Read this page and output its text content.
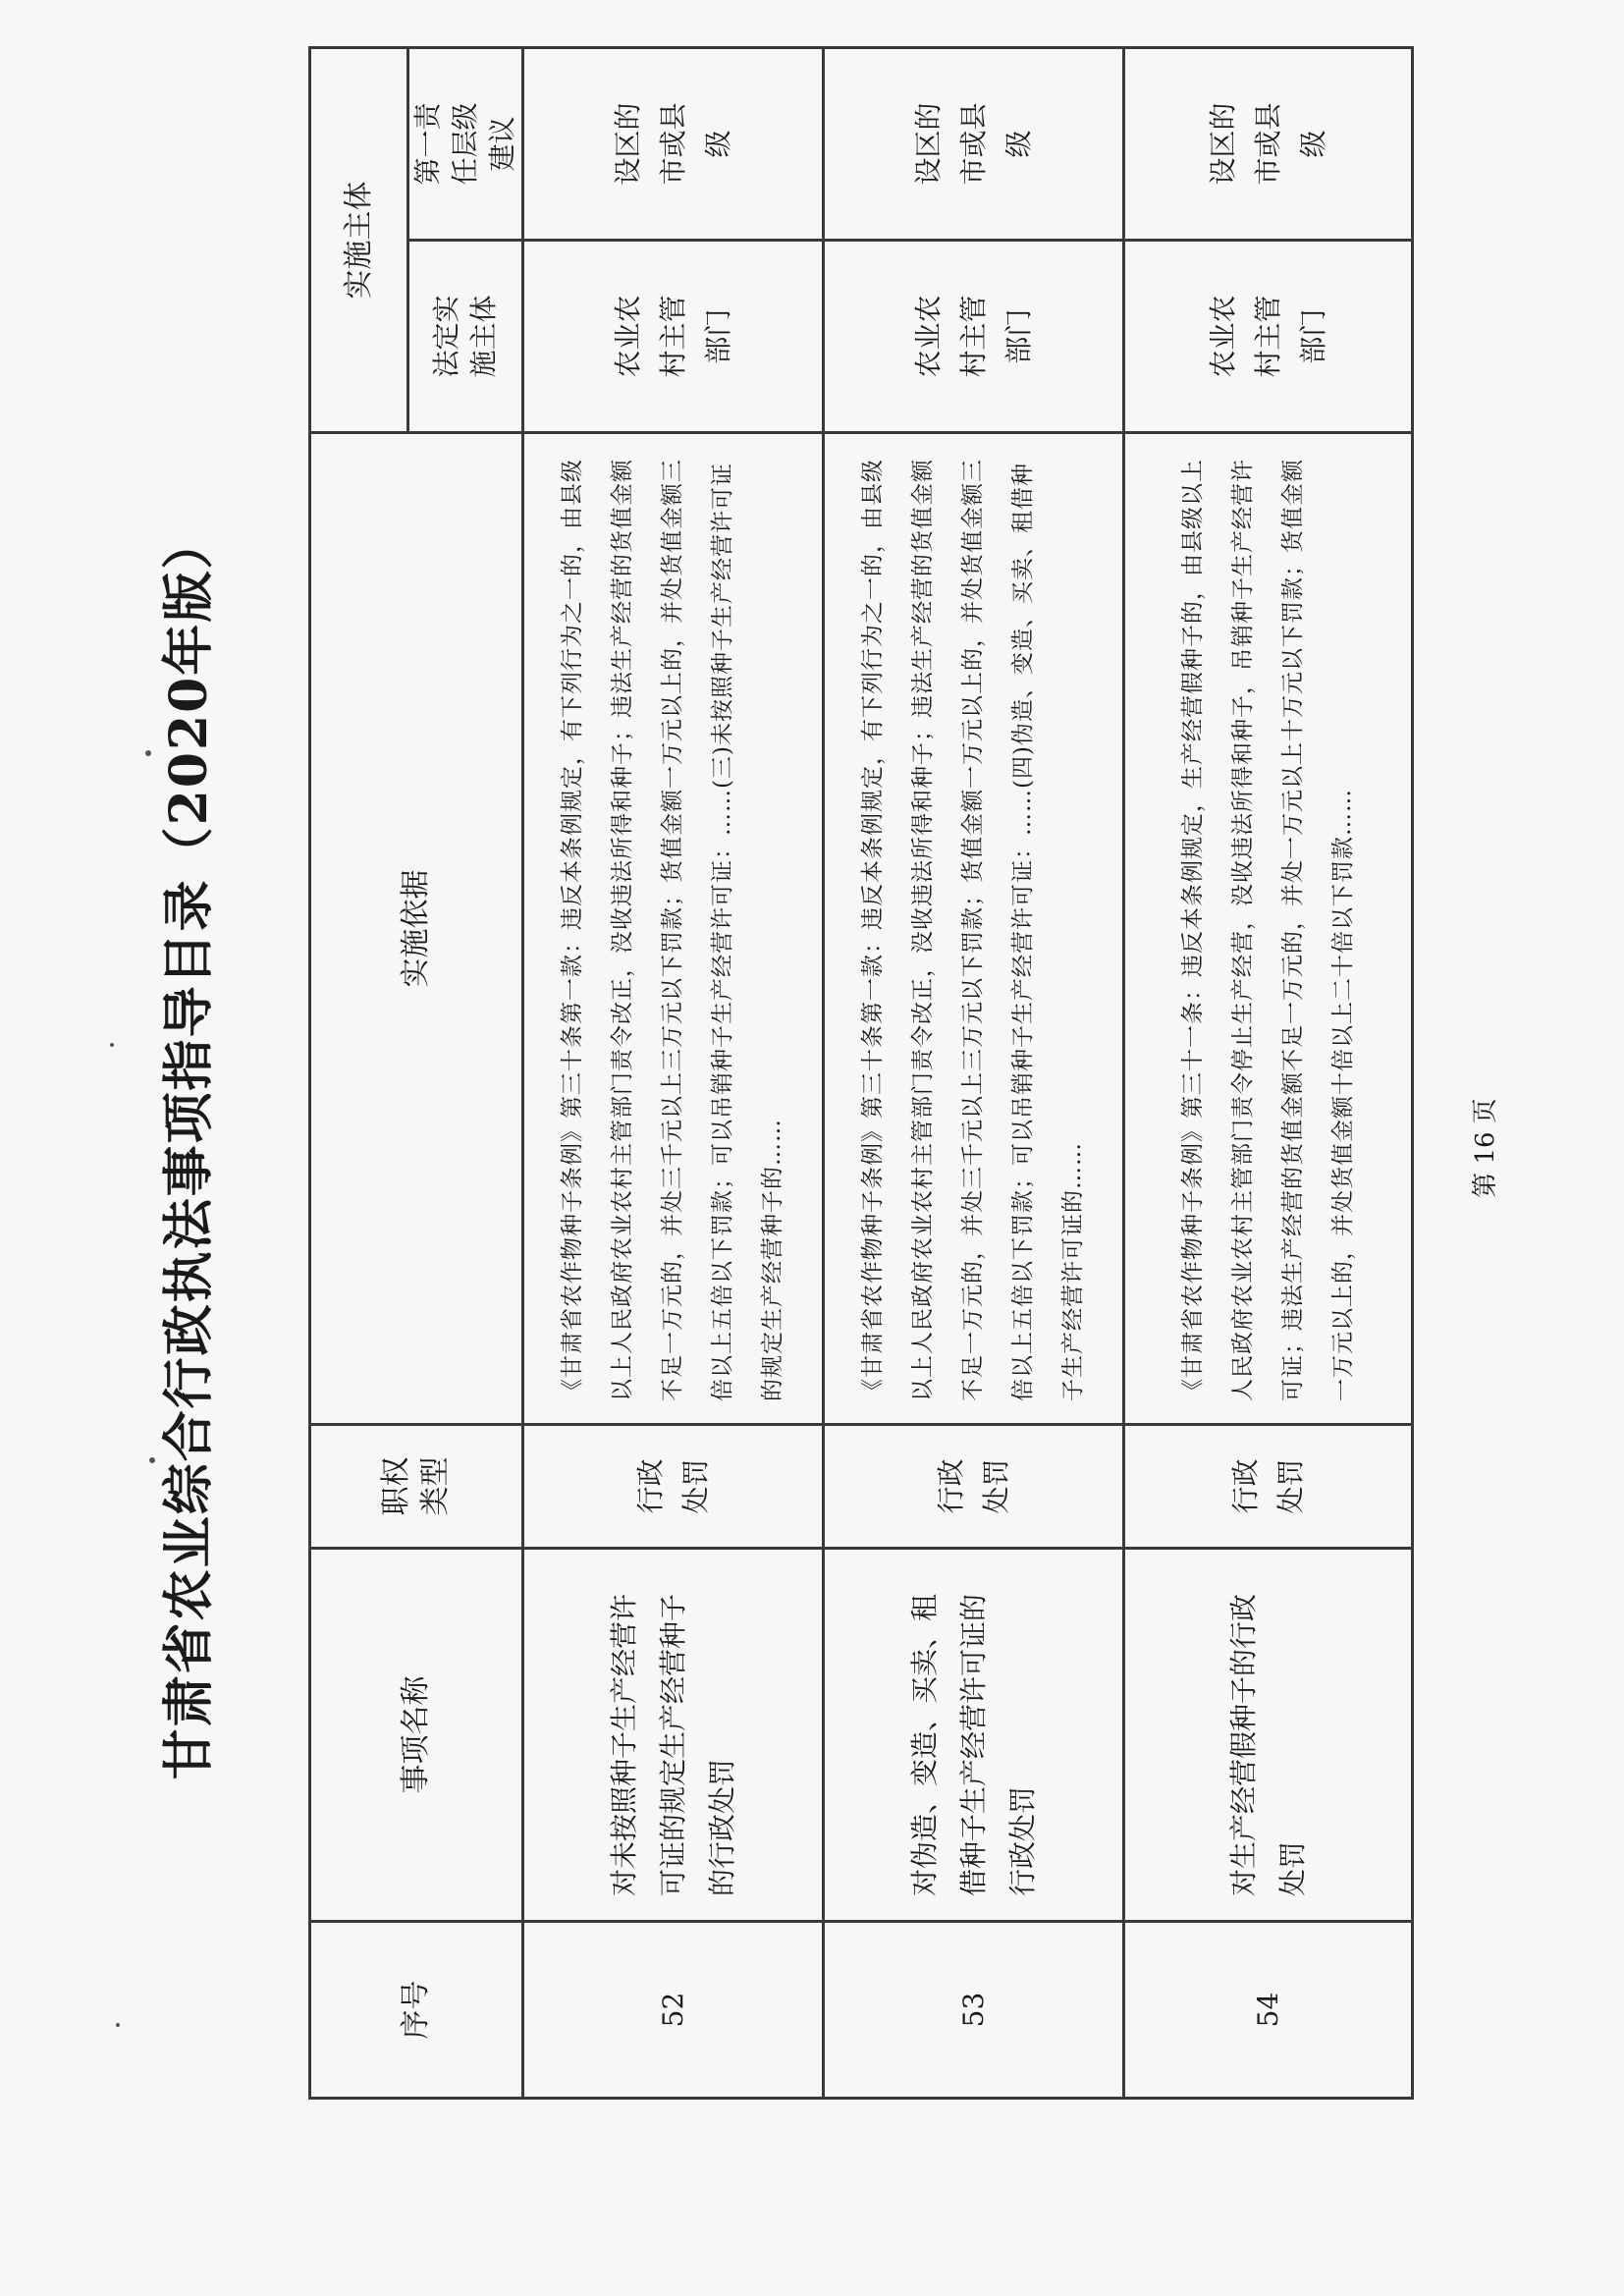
甘肃省农业综合行政执法事项指导目录（2020年版）
序号	事项名称	职权类型	实施依据	实施主体	
				法定实施主体	第一责任层级建议
52	对未按照种子生产经营许可证的规定生产经营种子的行政处罚	行政处罚	《甘肃省农作物种子条例》第三十条第一款：违反本条例规定，有下列行为之一的，由县级以上人民政府农业农村主管部门责令改正，没收违法所得和种子；违法生产经营的货值金额不足一万元的，并处三千元以上三万元以下罚款；货值金额一万元以上的，并处货值金额三倍以上五倍以下罚款；可以吊销种子生产经营许可证：……(三)未按照种子生产经营许可证的规定生产经营种子的……	农业农村主管部门	设区的市或县级
53	对伪造、变造、买卖、租借种子生产经营许可证的行政处罚	行政处罚	《甘肃省农作物种子条例》第三十条第一款：违反本条例规定，有下列行为之一的，由县级以上人民政府农业农村主管部门责令改正，没收违法所得和种子；违法生产经营的货值金额不足一万元的，并处三千元以上三万元以下罚款；货值金额一万元以上的，并处货值金额三倍以上五倍以下罚款；可以吊销种子生产经营许可证：……(四)伪造、变造、买卖、租借种子生产经营许可证的……	农业农村主管部门	设区的市或县级
54	对生产经营假种子的行政处罚	行政处罚	《甘肃省农作物种子条例》第三十一条：违反本条例规定，生产经营假种子的，由县级以上人民政府农业农村主管部门责令停止生产经营，没收违法所得和种子，吊销种子生产经营许可证；违法生产经营的货值金额不足一万元的，并处一万元以上十万元以下罚款；货值金额一万元以上的，并处货值金额十倍以上二十倍以下罚款……	农业农村主管部门	设区的市或县级
第 16 页
